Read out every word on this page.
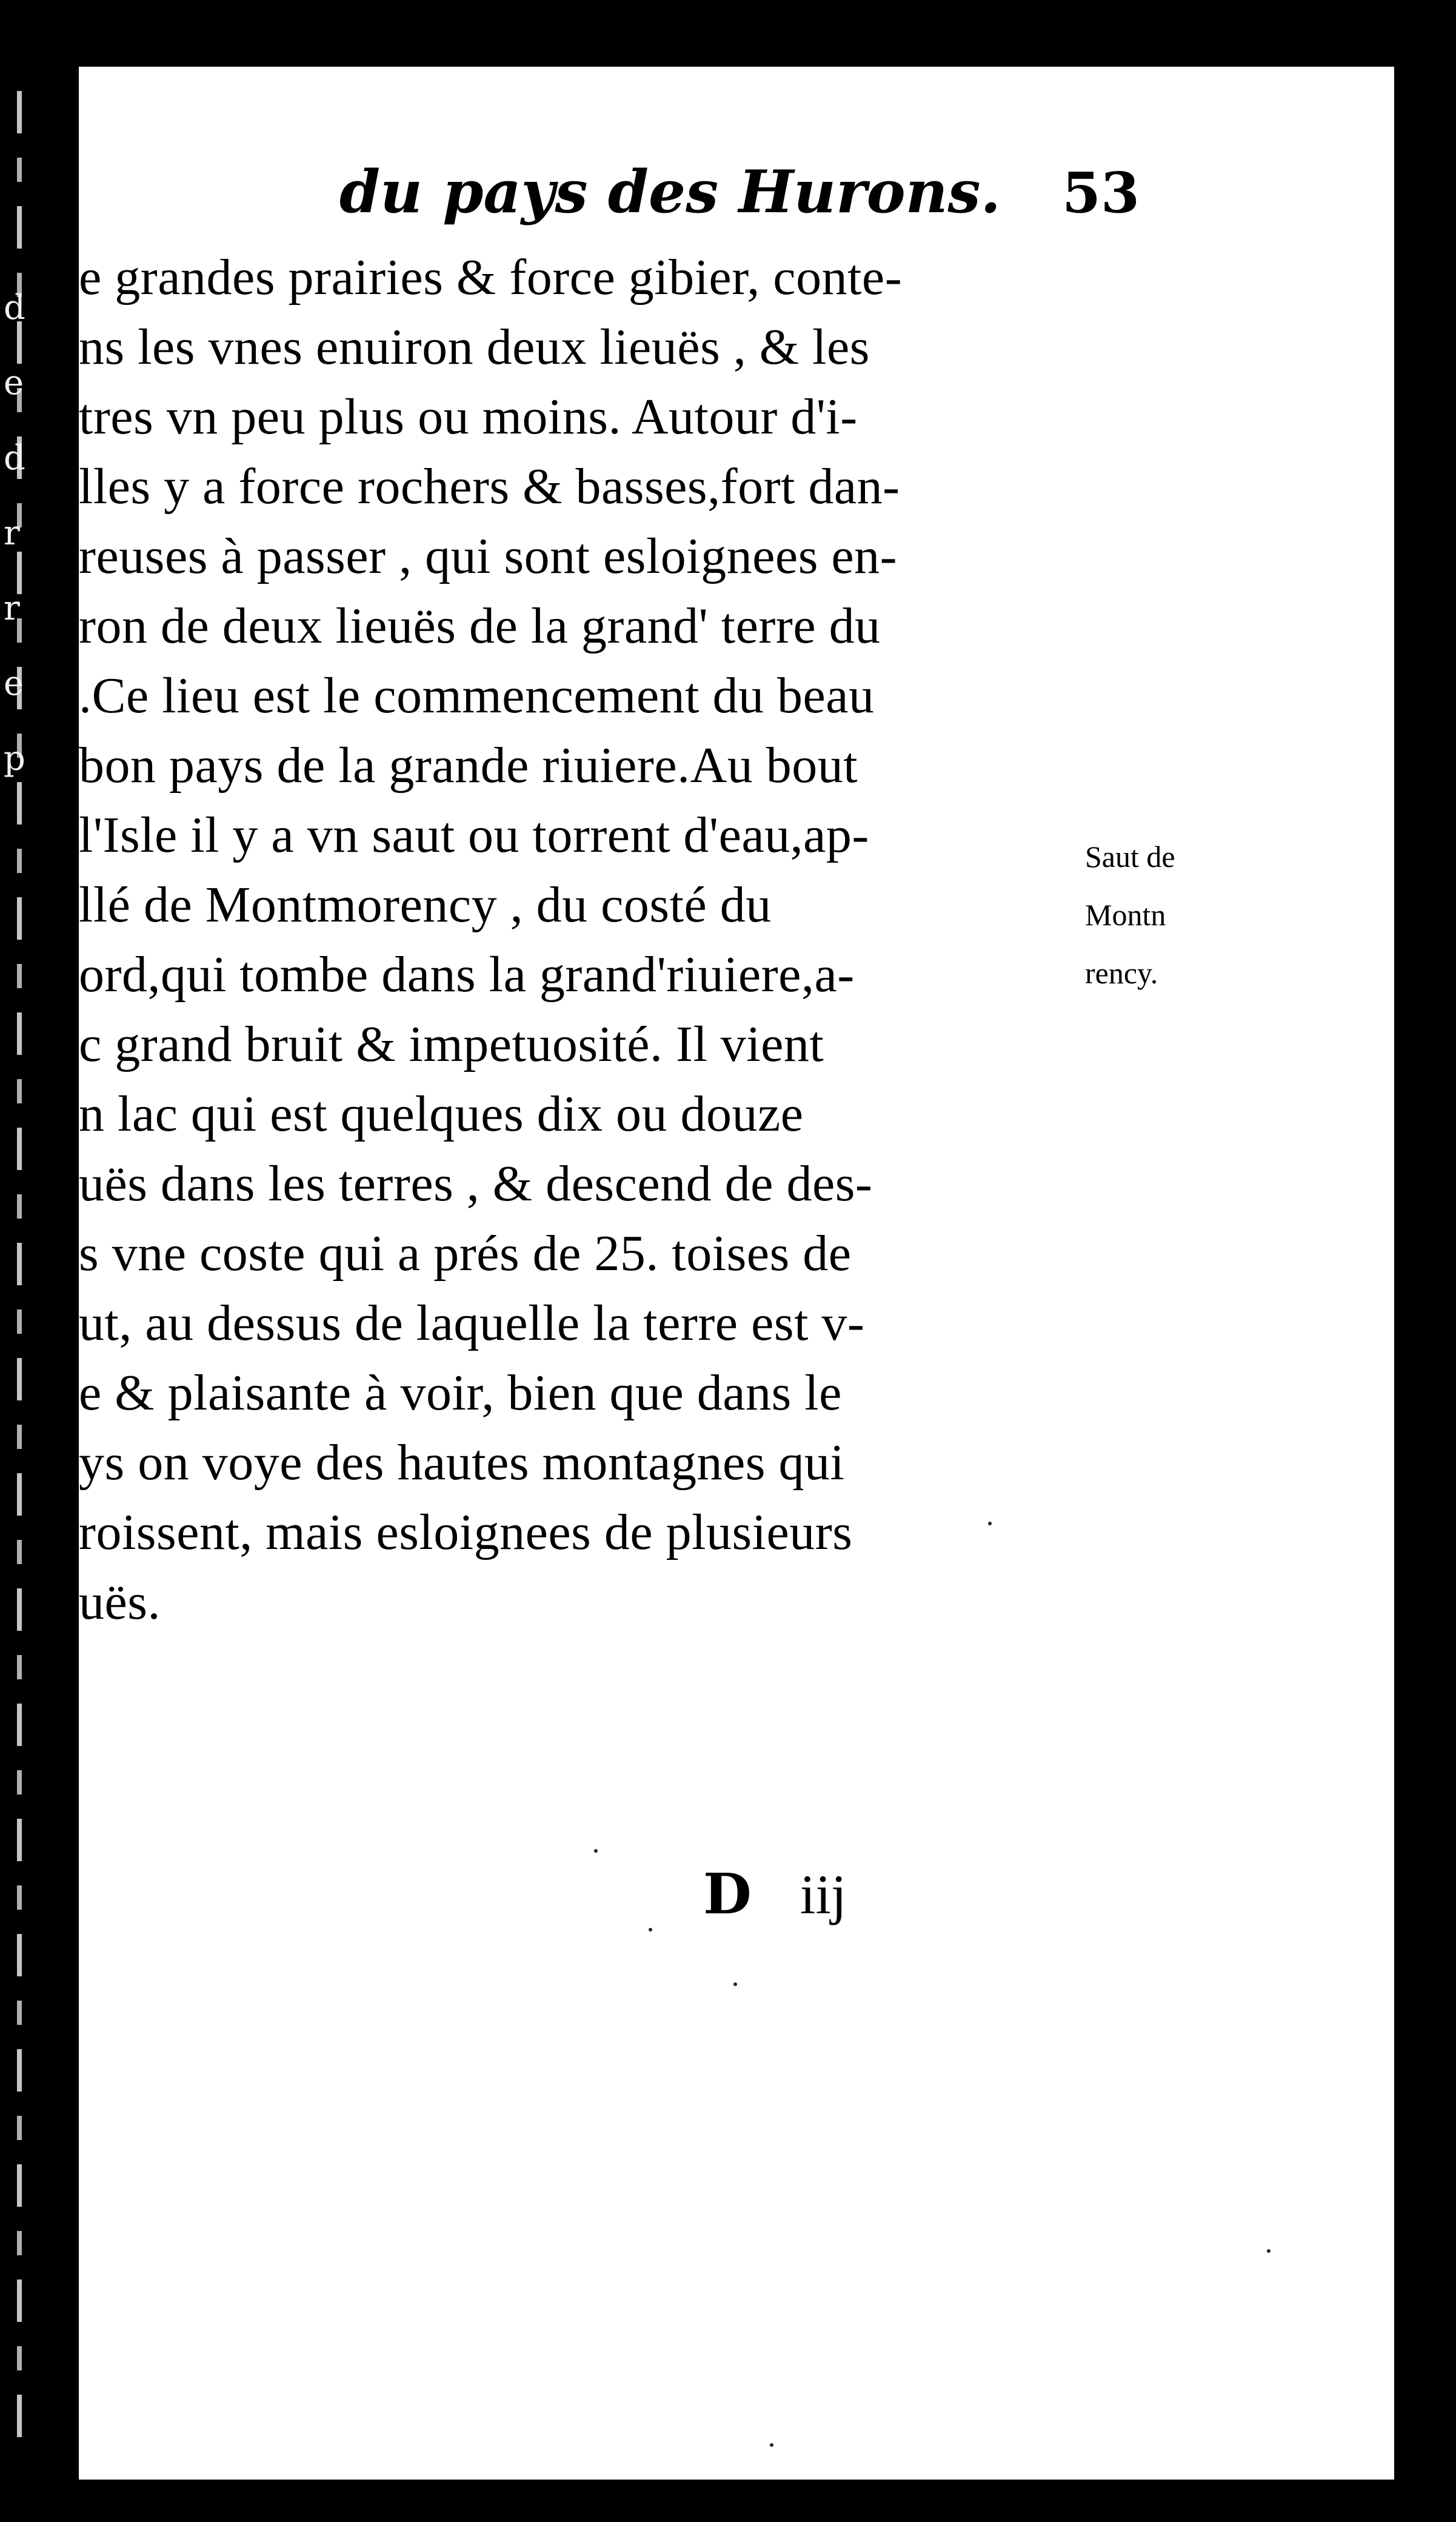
d
e
d
r
r
e
p
du pays des Hurons. 53
e grandes prairies & force gibier, conte-
ns les vnes enuiron deux lieuës , & les
tres vn peu plus ou moins. Autour d'i-
lles y a force rochers & basses,fort dan-
reuses à passer , qui sont esloignees en-
ron de deux lieuës de la grand' terre du
.Ce lieu est le commencement du beau
bon pays de la grande riuiere.Au bout
l'Isle il y a vn saut ou torrent d'eau,ap-
llé de Montmorency , du costé du
ord,qui tombe dans la grand'riuiere,a-
c grand bruit & impetuosité. Il vient
n lac qui est quelques dix ou douze
uës dans les terres , & descend de des-
s vne coste qui a prés de 25. toises de
ut, au dessus de laquelle la terre est v-
e & plaisante à voir, bien que dans le
ys on voye des hautes montagnes qui
roissent, mais esloignees de plusieurs
uës.
Saut de
Montn
rency.
D iij
